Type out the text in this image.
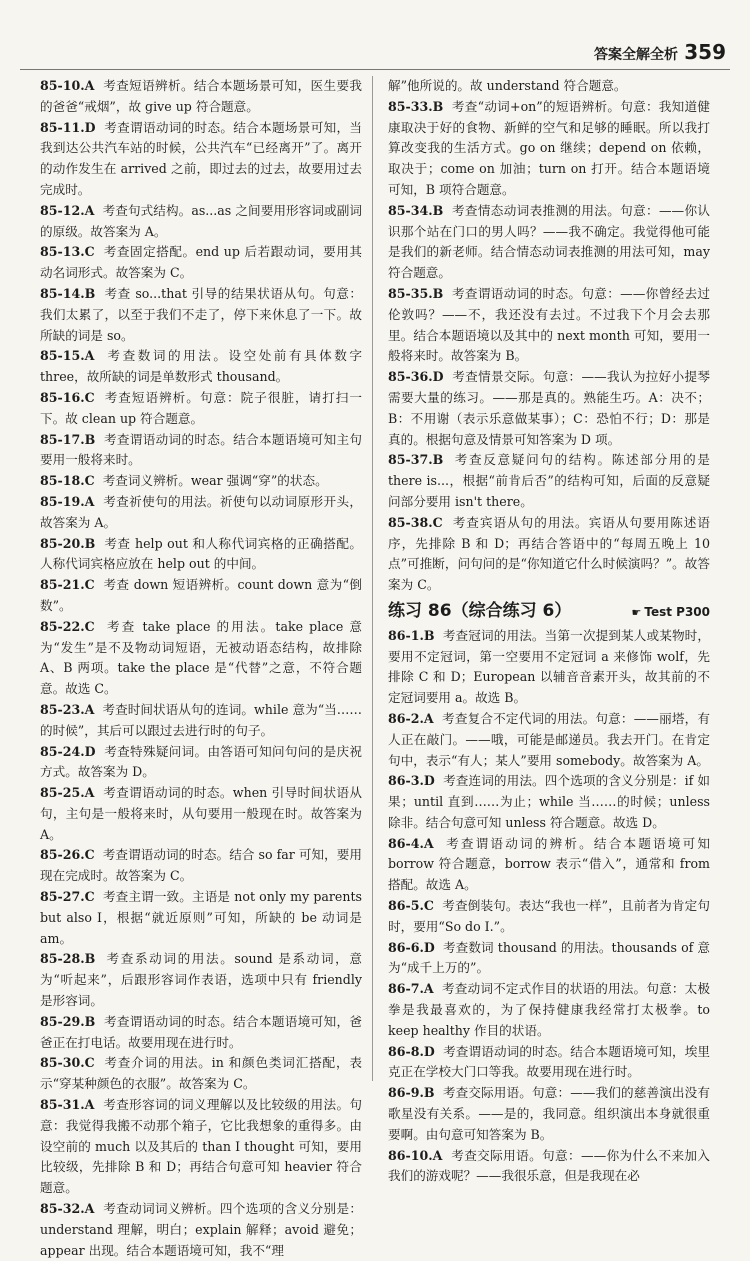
答案全解全析 359
85-10.A 考查短语辨析。结合本题场景可知，医生要我的爸爸“戒烟”，故 give up 符合题意。
85-11.D 考查谓语动词的时态。结合本题场景可知，当我到达公共汽车站的时候，公共汽车“已经离开”了。离开的动作发生在 arrived 之前，即过去的过去，故要用过去完成时。
85-12.A 考查句式结构。as...as 之间要用形容词或副词的原级。故答案为 A。
85-13.C 考查固定搭配。end up 后若跟动词，要用其动名词形式。故答案为 C。
85-14.B 考查 so...that 引导的结果状语从句。句意：我们太累了，以至于我们不走了，停下来休息了一下。故所缺的词是 so。
85-15.A 考查数词的用法。设空处前有具体数字 three，故所缺的词是单数形式 thousand。
85-16.C 考查短语辨析。句意：院子很脏，请打扫一下。故 clean up 符合题意。
85-17.B 考查谓语动词的时态。结合本题语境可知主句要用一般将来时。
85-18.C 考查词义辨析。wear 强调“穿”的状态。
85-19.A 考查祈使句的用法。祈使句以动词原形开头，故答案为 A。
85-20.B 考查 help out 和人称代词宾格的正确搭配。人称代词宾格应放在 help out 的中间。
85-21.C 考查 down 短语辨析。count down 意为“倒数”。
85-22.C 考查 take place 的用法。take place 意为“发生”是不及物动词短语，无被动语态结构，故排除 A、B 两项。take the place 是“代替”之意，不符合题意。故选 C。
85-23.A 考查时间状语从句的连词。while 意为“当……的时候”，其后可以跟过去进行时的句子。
85-24.D 考查特殊疑问词。由答语可知问句问的是庆祝方式。故答案为 D。
85-25.A 考查谓语动词的时态。when 引导时间状语从句，主句是一般将来时，从句要用一般现在时。故答案为 A。
85-26.C 考查谓语动词的时态。结合 so far 可知，要用现在完成时。故答案为 C。
85-27.C 考查主谓一致。主语是 not only my parents but also I，根据“就近原则”可知，所缺的 be 动词是 am。
85-28.B 考查系动词的用法。sound 是系动词，意为“听起来”，后跟形容词作表语，选项中只有 friendly 是形容词。
85-29.B 考查谓语动词的时态。结合本题语境可知，爸爸正在打电话。故要用现在进行时。
85-30.C 考查介词的用法。in 和颜色类词汇搭配，表示“穿某种颜色的衣服”。故答案为 C。
85-31.A 考查形容词的词义理解以及比较级的用法。句意：我觉得我搬不动那个箱子，它比我想象的重得多。由设空前的 much 以及其后的 than I thought 可知，要用比较级，先排除 B 和 D；再结合句意可知 heavier 符合题意。
85-32.A 考查动词词义辨析。四个选项的含义分别是：understand 理解，明白；explain 解释；avoid 避免；appear 出现。结合本题语境可知，我不“理
解”他所说的。故 understand 符合题意。
85-33.B 考查“动词+on”的短语辨析。句意：我知道健康取决于好的食物、新鲜的空气和足够的睡眠。所以我打算改变我的生活方式。go on 继续；depend on 依赖，取决于；come on 加油；turn on 打开。结合本题语境可知，B 项符合题意。
85-34.B 考查情态动词表推测的用法。句意：——你认识那个站在门口的男人吗？——我不确定。我觉得他可能是我们的新老师。结合情态动词表推测的用法可知，may 符合题意。
85-35.B 考查谓语动词的时态。句意：——你曾经去过伦敦吗？——不，我还没有去过。不过我下个月会去那里。结合本题语境以及其中的 next month 可知，要用一般将来时。故答案为 B。
85-36.D 考查情景交际。句意：——我认为拉好小提琴需要大量的练习。——那是真的。熟能生巧。A：决不；B：不用谢（表示乐意做某事）；C：恐怕不行；D：那是真的。根据句意及情景可知答案为 D 项。
85-37.B 考查反意疑问句的结构。陈述部分用的是 there is...，根据“前肯后否”的结构可知，后面的反意疑问部分要用 isn't there。
85-38.C 考查宾语从句的用法。宾语从句要用陈述语序，先排除 B 和 D；再结合答语中的“每周五晚上 10 点”可推断，问句问的是“你知道它什么时候演吗？”。故答案为 C。
练习 86（综合练习 6）	☛ Test P300
86-1.B 考查冠词的用法。当第一次提到某人或某物时，要用不定冠词，第一空要用不定冠词 a 来修饰 wolf，先排除 C 和 D；European 以辅音音素开头，故其前的不定冠词要用 a。故选 B。
86-2.A 考查复合不定代词的用法。句意：——丽塔，有人正在敲门。——哦，可能是邮递员。我去开门。在肯定句中，表示“有人；某人”要用 somebody。故答案为 A。
86-3.D 考查连词的用法。四个选项的含义分别是：if 如果；until 直到……为止；while 当……的时候；unless 除非。结合句意可知 unless 符合题意。故选 D。
86-4.A 考查谓语动词的辨析。结合本题语境可知 borrow 符合题意，borrow 表示“借入”，通常和 from 搭配。故选 A。
86-5.C 考查倒装句。表达“我也一样”，且前者为肯定句时，要用“So do I.”。
86-6.D 考查数词 thousand 的用法。thousands of 意为“成千上万的”。
86-7.A 考查动词不定式作目的状语的用法。句意：太极拳是我最喜欢的，为了保持健康我经常打太极拳。to keep healthy 作目的状语。
86-8.D 考查谓语动词的时态。结合本题语境可知，埃里克正在学校大门口等我。故要用现在进行时。
86-9.B 考查交际用语。句意：——我们的慈善演出没有歌星没有关系。——是的，我同意。组织演出本身就很重要啊。由句意可知答案为 B。
86-10.A 考查交际用语。句意：——你为什么不来加入我们的游戏呢？——我很乐意，但是我现在必
